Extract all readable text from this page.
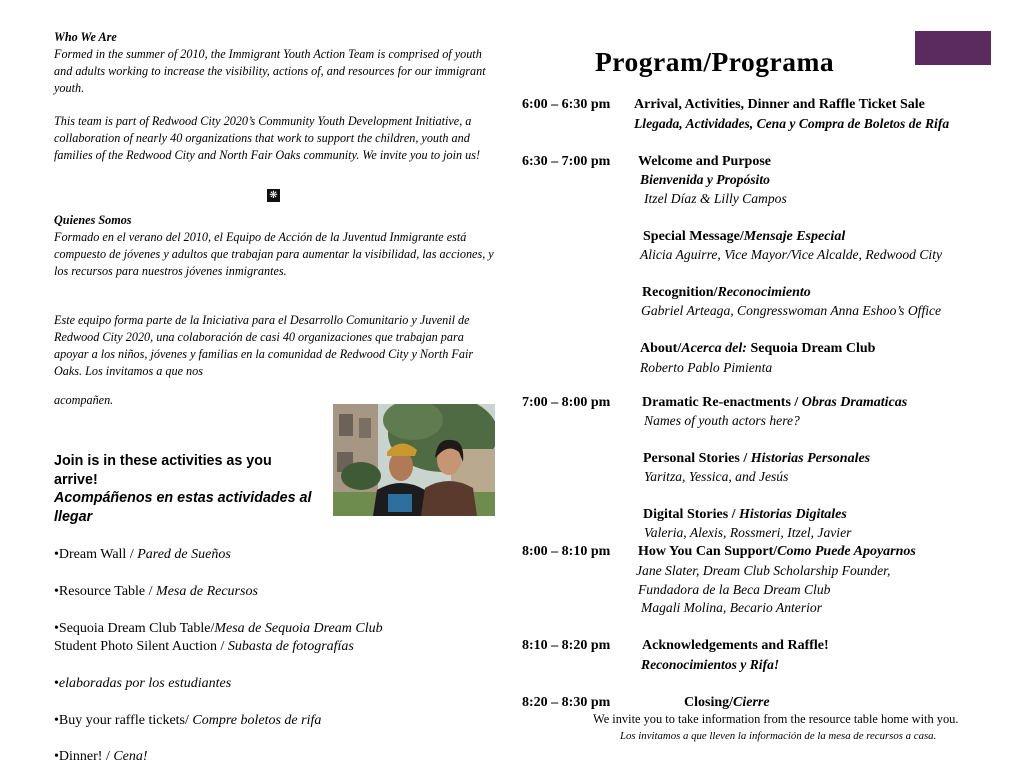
Who We Are
Formed in the summer of 2010, the Immigrant Youth Action Team is comprised of youth and adults working to increase the visibility, actions of, and resources for our immigrant youth.
This team is part of Redwood City 2020’s Community Youth Development Initiative, a collaboration of nearly 40 organizations that work to support the children, youth and families of the Redwood City and North Fair Oaks community. We invite you to join us!
❋
Quienes Somos
Formado en el verano del 2010, el Equipo de Acción de la Juventud Inmigrante está compuesto de jóvenes y adultos que trabajan para aumentar la visibilidad, las acciones, y los recursos para nuestros jóvenes inmigrantes.
Este equipo forma parte de la Iniciativa para el Desarrollo Comunitario y Juvenil de Redwood City 2020, una colaboración de casi 40 organizaciones que trabajan para apoyar a los niños, jóvenes y familias en la comunidad de Redwood City y North Fair Oaks. Los invitamos a que nos
acompañen.
Join is in these activities as you arrive!
Acompáñenos en estas actividades al llegar
•Dream Wall / Pared de Sueños
•Resource Table / Mesa de Recursos
•Sequoia Dream Club Table/Mesa de Sequoia Dream Club
Student Photo Silent Auction / Subasta de fotografías
•elaboradas por los estudiantes
•Buy your raffle tickets/ Compre boletos de rifa
•Dinner! / Cena!
Program/Programa
6:00 – 6:30 pm Arrival, Activities, Dinner and Raffle Ticket Sale
Llegada, Actividades, Cena y Compra de Boletos de Rifa
6:30 – 7:00 pm Welcome and Purpose
Bienvenida y Propósito
Itzel Díaz & Lilly Campos
Special Message/Mensaje Especial
Alicia Aguirre, Vice Mayor/Vice Alcalde, Redwood City
Recognition/Reconocimiento
Gabriel Arteaga, Congresswoman Anna Eshoo’s Office
About/Acerca del: Sequoia Dream Club
Roberto Pablo Pimienta
7:00 – 8:00 pm Dramatic Re-enactments / Obras Dramaticas
Names of youth actors here?
Personal Stories / Historias Personales
Yaritza, Yessica, and Jesús
Digital Stories / Historias Digitales
Valeria, Alexis, Rossmeri, Itzel, Javier
8:00 – 8:10 pm How You Can Support/Como Puede Apoyarnos
Jane Slater, Dream Club Scholarship Founder,
Fundadora de la Beca Dream Club
Magali Molina, Becario Anterior
8:10 – 8:20 pm Acknowledgements and Raffle!
Reconocimientos y Rifa!
8:20 – 8:30 pm	Closing/Cierre
We invite you to take information from the resource table home with you.
Los invitamos a que lleven la información de la mesa de recursos a casa.
